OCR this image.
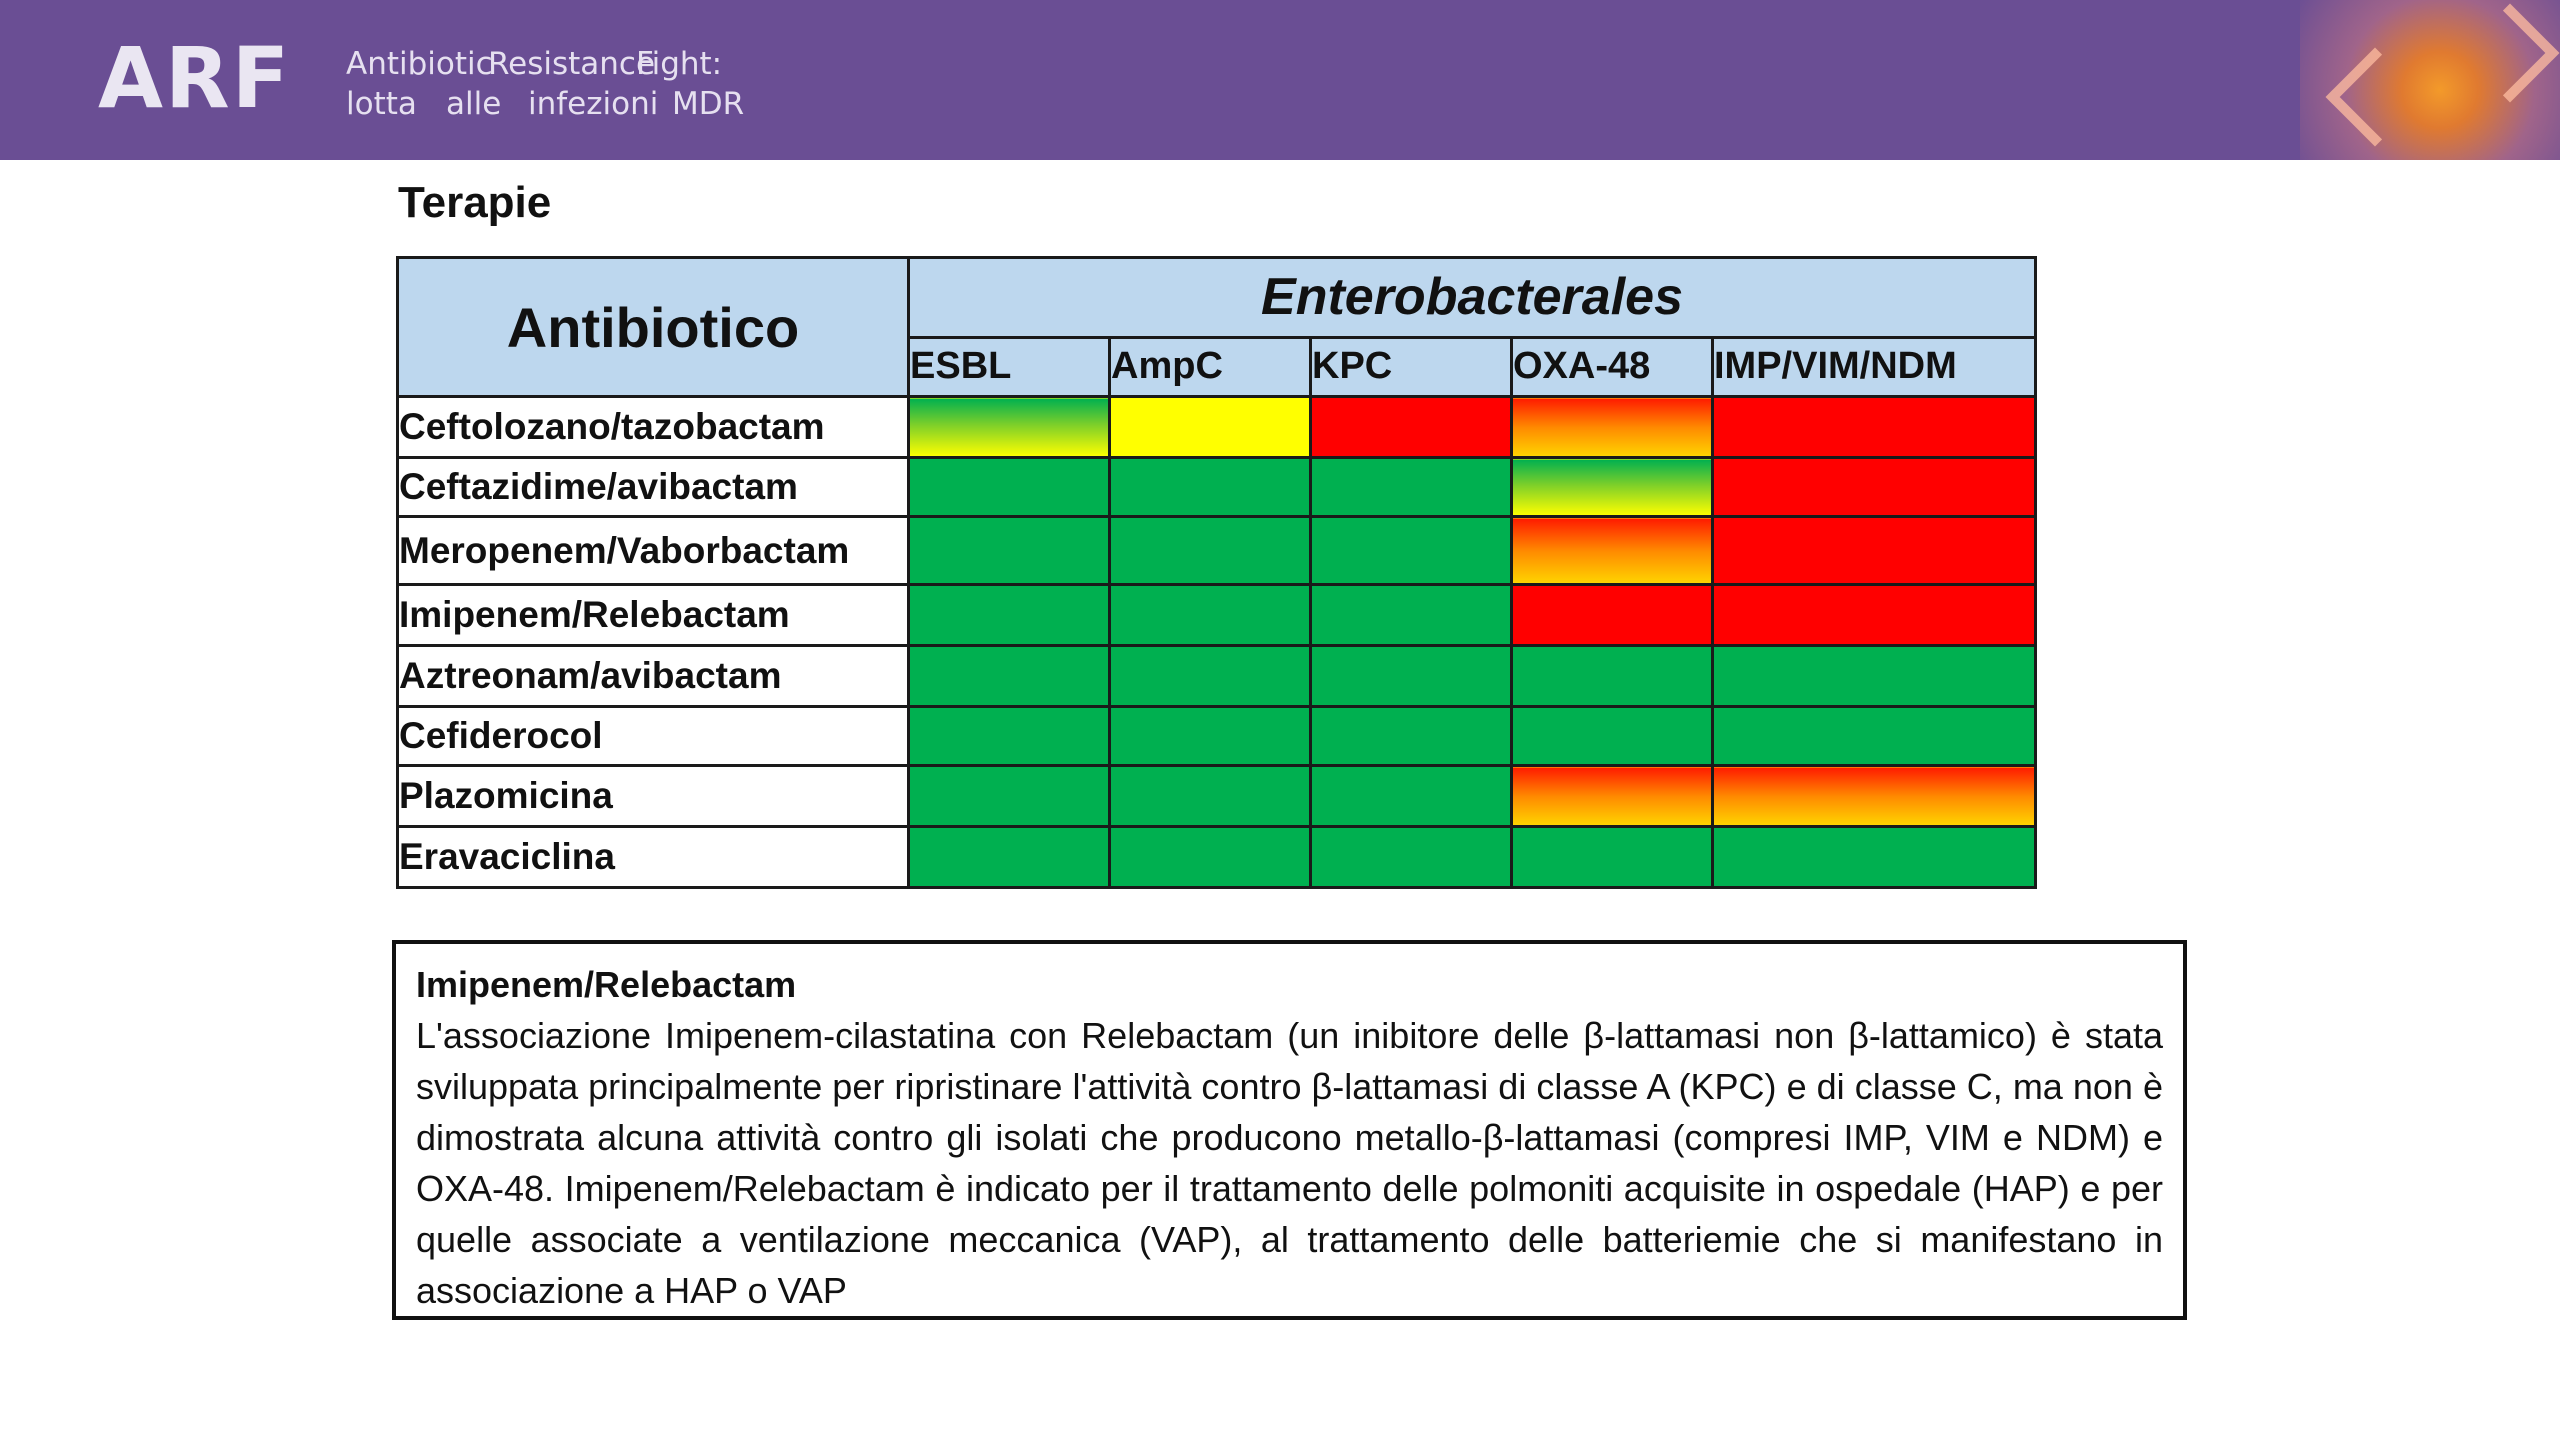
ARF Antibiotic
Resistance
Fight:
lotta alle infezioni MDR
Terapie
Antibiotico	Enterobacterales				
	ESBL	AmpC	KPC	OXA-48	IMP/VIM/NDM
Ceftolozano/tazobactam					
Ceftazidime/avibactam					
Meropenem/Vaborbactam					
Imipenem/Relebactam					
Aztreonam/avibactam					
Cefiderocol					
Plazomicina					
Eravaciclina					

Imipenem/Relebactam

L'associazione Imipenem-cilastatina con Relebactam (un inibitore delle β-lattamasi non β-lattamico) è stata sviluppata principalmente per ripristinare l'attività contro β-lattamasi di classe A (KPC) e di classe C, ma non è dimostrata alcuna attività contro gli isolati che producono metallo-β-lattamasi (compresi IMP, VIM e NDM) e OXA-48. Imipenem/Relebactam è indicato per il trattamento delle polmoniti acquisite in ospedale (HAP) e per quelle associate a ventilazione meccanica (VAP), al trattamento delle batteriemie che si manifestano in associazione a HAP o VAP
